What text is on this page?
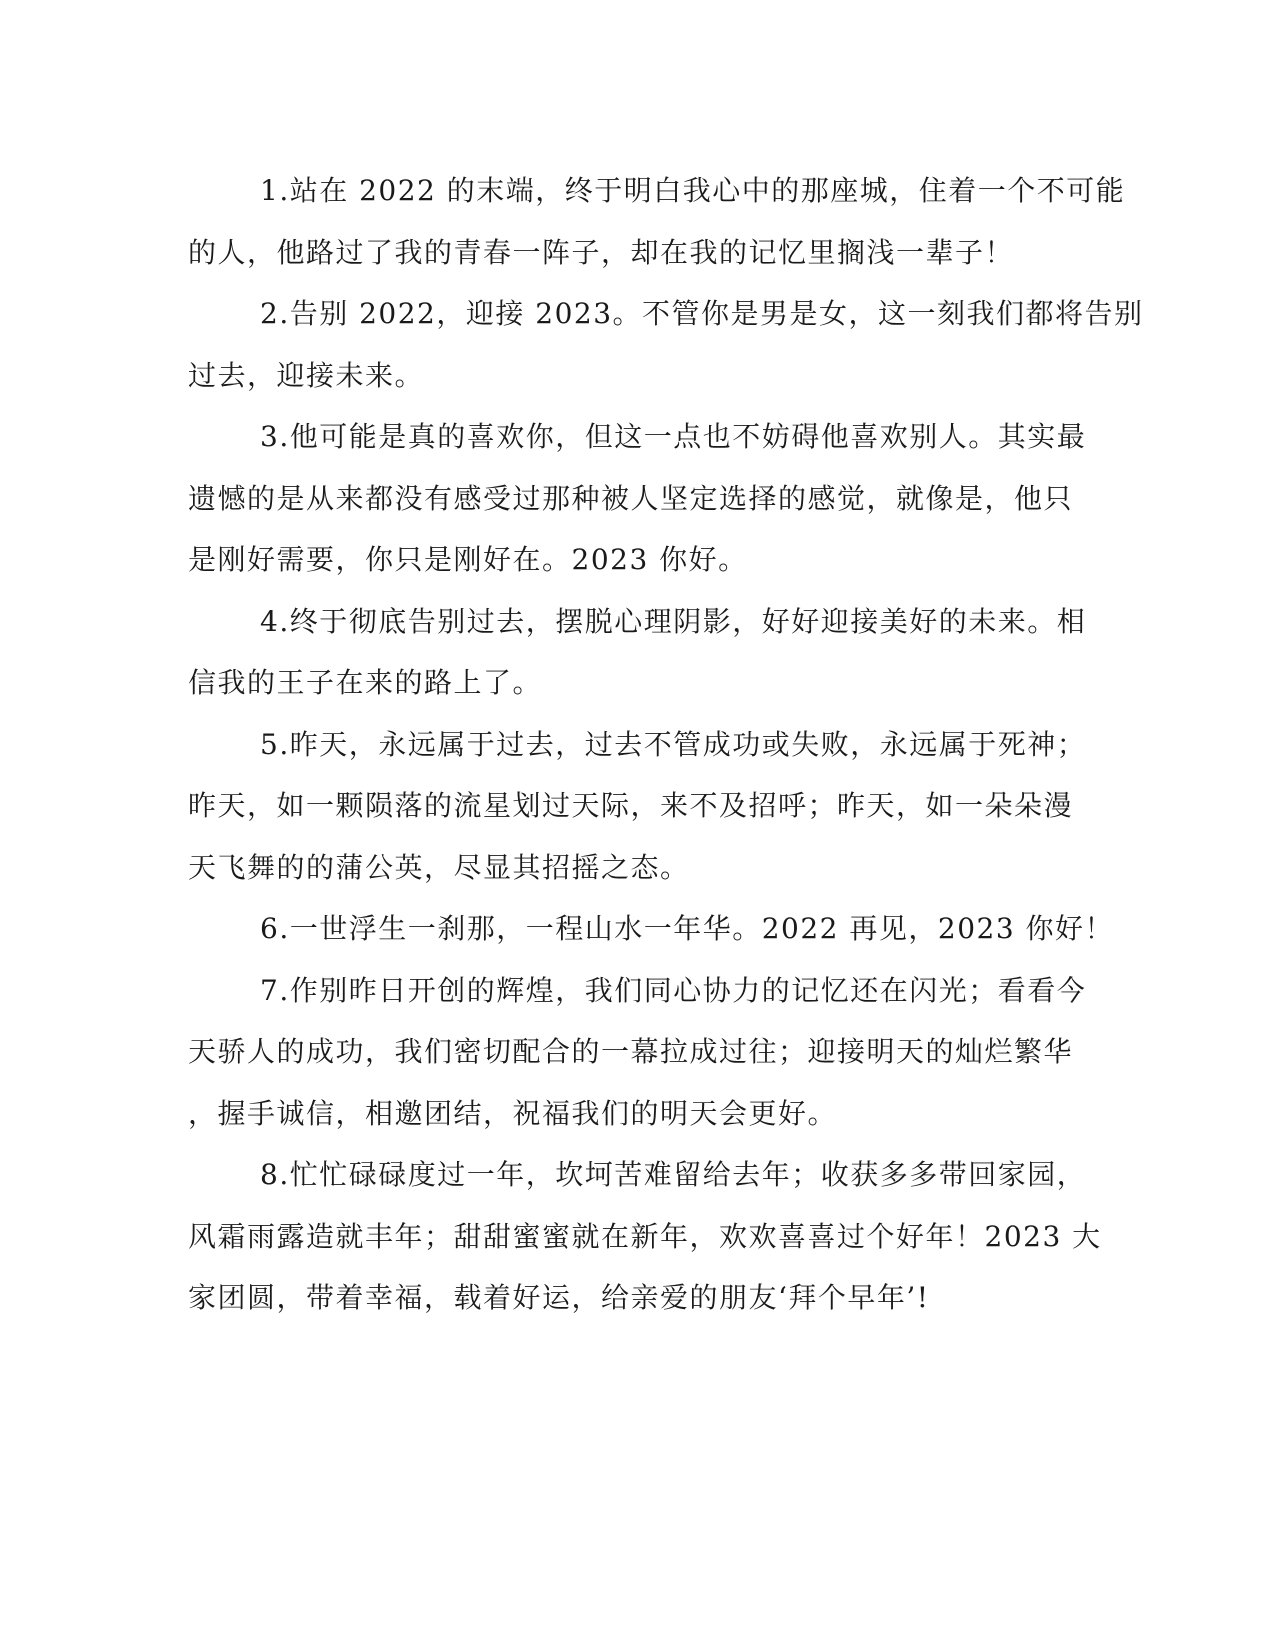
1.站在 2022 的末端，终于明白我心中的那座城，住着一个不可能
的人，他路过了我的青春一阵子，却在我的记忆里搁浅一辈子！

2.告别 2022，迎接 2023。不管你是男是女，这一刻我们都将告别
过去，迎接未来。

3.他可能是真的喜欢你，但这一点也不妨碍他喜欢别人。其实最
遗憾的是从来都没有感受过那种被人坚定选择的感觉，就像是，他只
是刚好需要，你只是刚好在。2023 你好。

4.终于彻底告别过去，摆脱心理阴影，好好迎接美好的未来。相
信我的王子在来的路上了。

5.昨天，永远属于过去，过去不管成功或失败，永远属于死神；
昨天，如一颗陨落的流星划过天际，来不及招呼；昨天，如一朵朵漫
天飞舞的的蒲公英，尽显其招摇之态。

6.一世浮生一刹那，一程山水一年华。2022 再见，2023 你好！

7.作别昨日开创的辉煌，我们同心协力的记忆还在闪光；看看今
天骄人的成功，我们密切配合的一幕拉成过往；迎接明天的灿烂繁华
，握手诚信，相邀团结，祝福我们的明天会更好。

8.忙忙碌碌度过一年，坎坷苦难留给去年；收获多多带回家园，
风霜雨露造就丰年；甜甜蜜蜜就在新年，欢欢喜喜过个好年！2023 大
家团圆，带着幸福，载着好运，给亲爱的朋友‘拜个早年’!
